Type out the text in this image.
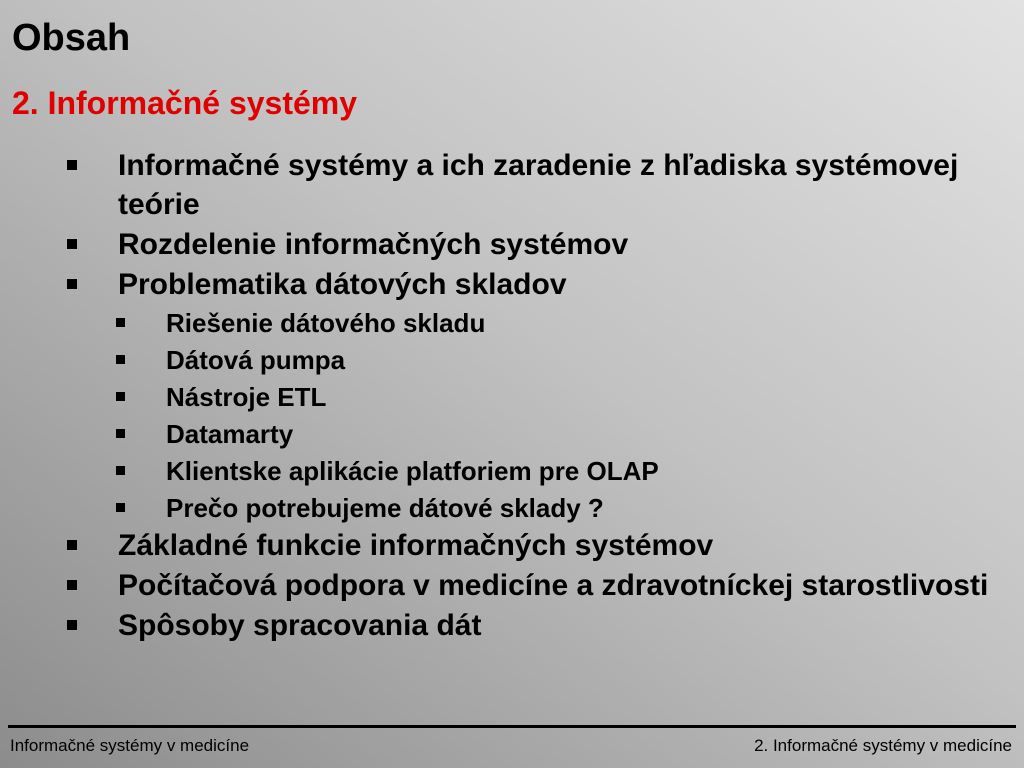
Obsah
2. Informačné systémy
Informačné systémy a ich zaradenie z hľadiska systémovej teórie
Rozdelenie informačných systémov
Problematika dátových skladov
Riešenie dátového skladu
Dátová pumpa
Nástroje ETL
Datamarty
Klientske aplikácie platforiem pre OLAP
Prečo potrebujeme dátové sklady ?
Základné funkcie informačných systémov
Počítačová podpora v medicíne a zdravotníckej starostlivosti
Spôsoby spracovania dát
Informačné systémy v medicíne	2. Informačné systémy v medicíne
